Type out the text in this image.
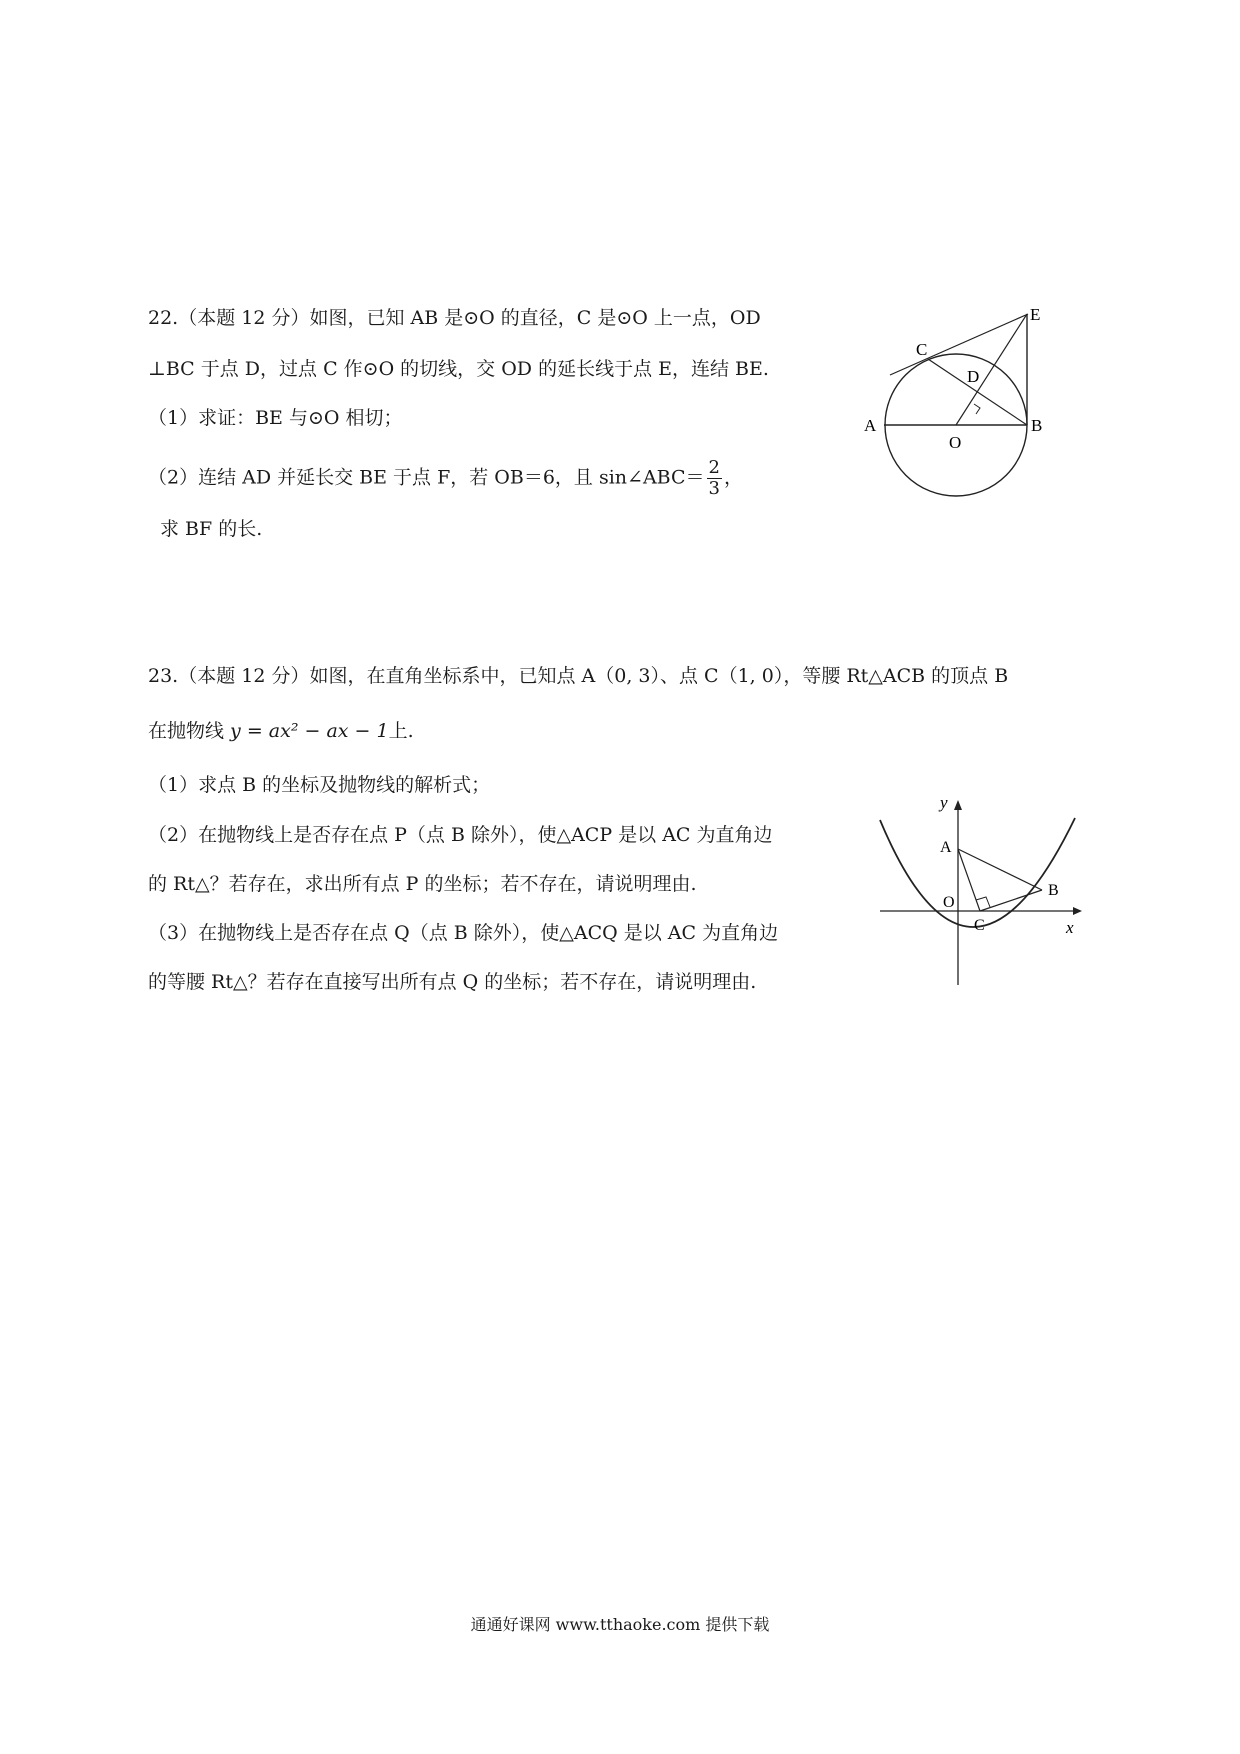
22.（本题 12 分）如图，已知 AB 是⊙O 的直径，C 是⊙O 上一点，OD
⊥BC 于点 D，过点 C 作⊙O 的切线，交 OD 的延长线于点 E，连结 BE.
（1）求证：BE 与⊙O 相切；
（2）连结 AD 并延长交 BE 于点 F，若 OB＝6，且 sin∠ABC＝ $\frac{2}{3}$ ，
求 BF 的长.
E
C
D
A
O
B
23.（本题 12 分）如图，在直角坐标系中，已知点 A（0, 3）、点 C（1, 0），等腰 Rt△ACB 的顶点 B
在抛物线 y = ax² − ax − 1上.
（1）求点 B 的坐标及抛物线的解析式；
（2）在抛物线上是否存在点 P（点 B 除外），使△ACP 是以 AC 为直角边
的 Rt△？若存在，求出所有点 P 的坐标；若不存在，请说明理由.
（3）在抛物线上是否存在点 Q（点 B 除外），使△ACQ 是以 AC 为直角边
的等腰 Rt△？若存在直接写出所有点 Q 的坐标；若不存在，请说明理由.
y
A
O
C
B
x
通通好课网 www.tthaoke.com 提供下载
